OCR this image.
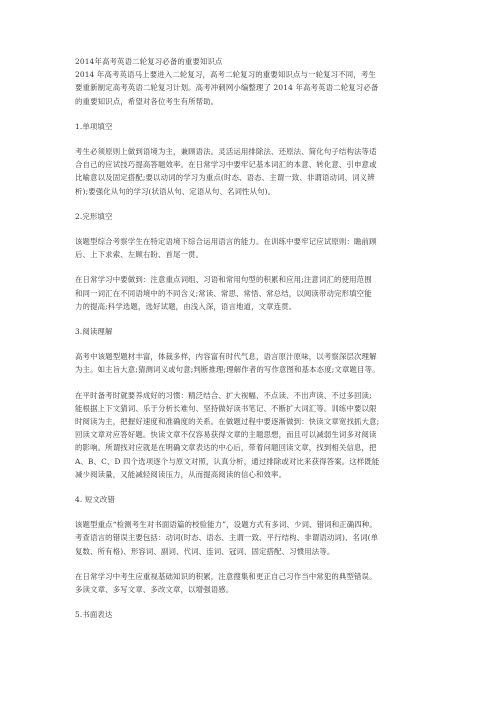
2014年高考英语二轮复习必备的重要知识点
2014 年高考英语马上要进入二轮复习，高考二轮复习的重要知识点与一轮复习不同，考生
要重新制定高考英语二轮复习计划。高考冲刺网小编整理了 2014 年高考英语二轮复习必备
的重要知识点，希望对各位考生有所帮助。
1.单项填空
考生必须原则上做到语境为主，兼顾语法。灵活运用排除法、还原法、简化句子结构法等适
合自己的应试技巧提高答题效率。在日常学习中要牢记基本词汇的本意、转化意、引申意或
比喻意以及固定搭配;要以动词的学习为重点(时态、语态、主谓一致、非谓语动词、词义辨
析);要强化从句的学习(状语从句、定语从句、名词性从句)。
2.完形填空
该题型综合考察学生在特定语境下综合运用语言的能力。在训练中要牢记应试原则：瞻前顾
后、上下求索、左顾右盼、首尾一贯。
在日常学习中要做到：注意重点词组、习语和常用句型的积累和应用;注意词汇的使用范围
和同一词汇在不同语境中的不同含义;常读、常思、常悟、常总结，以阅读带动完形填空能
力的提高;科学选题，选好试题，由浅入深，语言地道，文章连贯。
3.阅读理解
高考中该题型题材丰富，体裁多样，内容富有时代气息，语言原汁原味，以考察深层次理解
为主。如主旨大意;猜测词义或句意;判断推理;理解作者的写作意图和基本态度;文章题目等。
在平时备考时就要养成好的习惯：精泛结合、扩大视幅、不点读、不出声读、不过多回读;
能根据上下文猜词、乐于分析长难句、坚持做好读书笔记、不断扩大词汇等。训练中要以限
时阅读为主，把握好速度和准确度的关系。在做题过程中要逐渐做到：快读文章宽找抓大意;
回读文章对应答好题。快读文章不仅容易获得文章的主题思想，而且可以减弱生词多对阅读
的影响。所谓找对应就是在明确文章表达的中心后，带着问题回读文章，找到相关信息，把
A、B、C、D 四个选项逐个与原文对照，认真分析，通过排除或对比来获得答案。这样既能
减少阅读量，又能减轻阅读压力，从而提高阅读的信心和效率。
4. 短文改错
该题型重点“检测考生对书面语篇的校验能力”，设题方式有多词、少词、错词和正确四种。
考查语言的错误主要包括：动词(时态、语态、主谓一致、平行结构、非谓语动词)、名词(单
复数、所有格)、形容词、副词、代词、连词、冠词、固定搭配、习惯用法等。
在日常学习中考生应重视基础知识的积累，注意搜集和更正自己习作当中常犯的典型错误。
多读文章、多写文章、多改文章，以增强语感。
5.书面表达
